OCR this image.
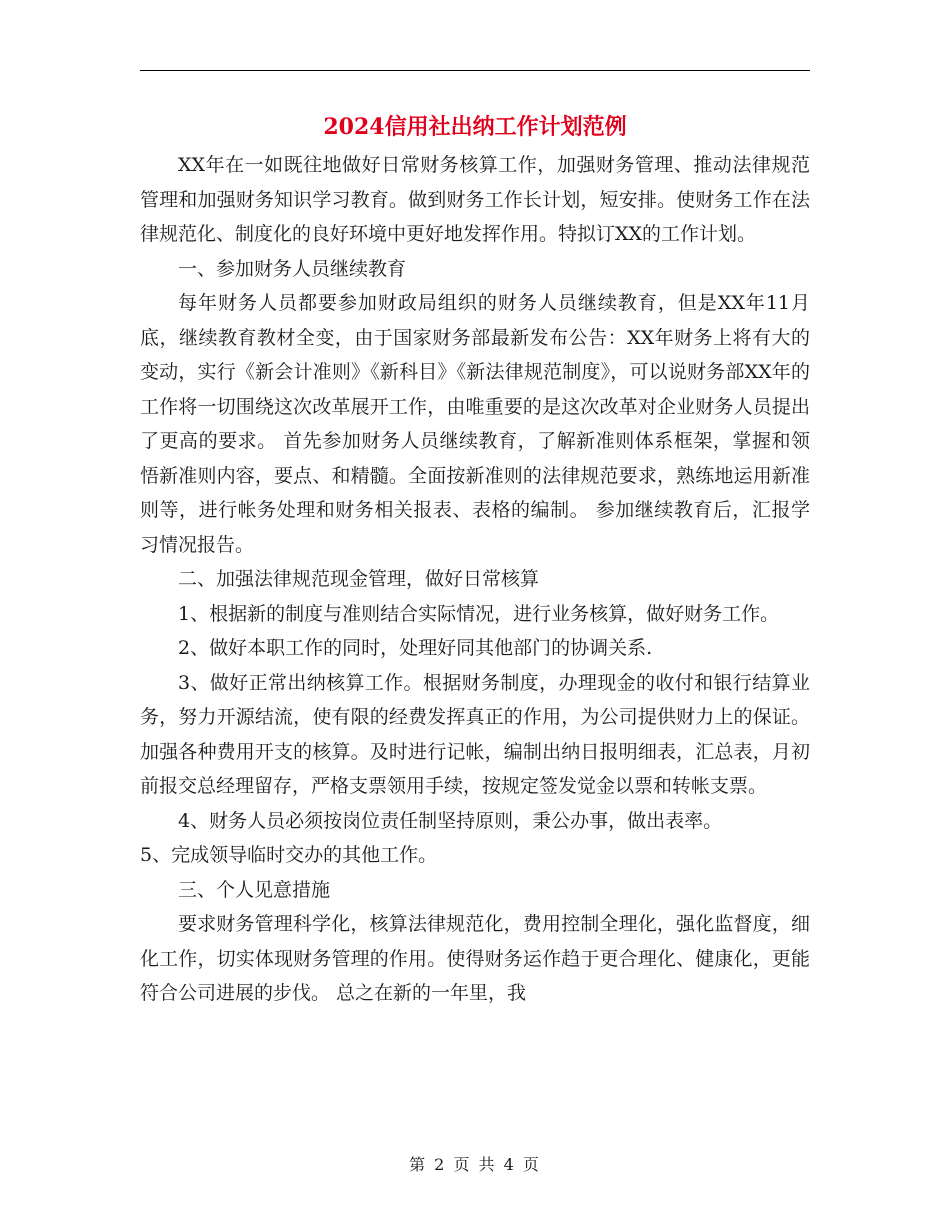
2024信用社出纳工作计划范例

XX年在一如既往地做好日常财务核算工作，加强财务管理、推动法律规范管理和加强财务知识学习教育。做到财务工作长计划，短安排。使财务工作在法律规范化、制度化的良好环境中更好地发挥作用。特拟订XX的工作计划。

一、参加财务人员继续教育

每年财务人员都要参加财政局组织的财务人员继续教育，但是XX年11月底，继续教育教材全变，由于国家财务部最新发布公告：XX年财务上将有大的变动，实行《新会计准则》《新科目》《新法律规范制度》，可以说财务部XX年的工作将一切围绕这次改革展开工作，由唯重要的是这次改革对企业财务人员提出了更高的要求。 首先参加财务人员继续教育，了解新准则体系框架，掌握和领悟新准则内容，要点、和精髓。全面按新准则的法律规范要求，熟练地运用新准则等，进行帐务处理和财务相关报表、表格的编制。 参加继续教育后，汇报学习情况报告。

二、加强法律规范现金管理，做好日常核算

1、根据新的制度与准则结合实际情况，进行业务核算，做好财务工作。

2、做好本职工作的同时，处理好同其他部门的协调关系.

3、做好正常出纳核算工作。根据财务制度，办理现金的收付和银行结算业务，努力开源结流，使有限的经费发挥真正的作用，为公司提供财力上的保证。加强各种费用开支的核算。及时进行记帐，编制出纳日报明细表，汇总表，月初前报交总经理留存，严格支票领用手续，按规定签发觉金以票和转帐支票。

4、财务人员必须按岗位责任制坚持原则，秉公办事，做出表率。

5、完成领导临时交办的其他工作。

三、个人见意措施

要求财务管理科学化，核算法律规范化，费用控制全理化，强化监督度，细化工作，切实体现财务管理的作用。使得财务运作趋于更合理化、健康化，更能符合公司进展的步伐。 总之在新的一年里，我

第 2 页 共 4 页
